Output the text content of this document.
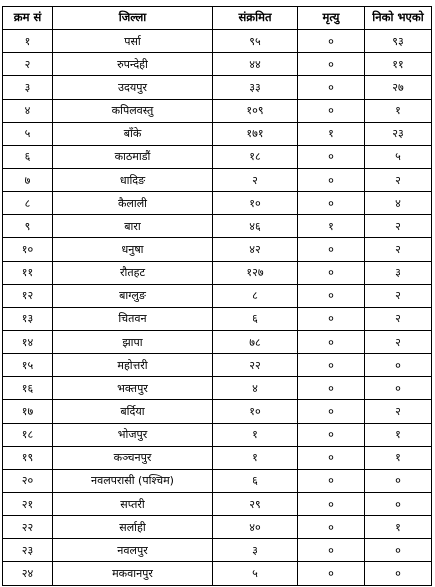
क्रम सं	जिल्ला	संक्रमित	मृत्यु	निको भएको
१	पर्सा	९५	०	९३
२	रुपन्देही	४४	०	११
३	उदयपुर	३३	०	२७
४	कपिलवस्तु	१०९	०	१
५	बाँके	१७१	१	२३
६	काठमाडौं	१८	०	५
७	धादिङ	२	०	२
८	कैलाली	१०	०	४
९	बारा	४६	१	२
१०	धनुषा	४२	०	२
११	रौतहट	१२७	०	३
१२	बाग्लुङ	८	०	२
१३	चितवन	६	०	२
१४	झापा	७८	०	२
१५	महोत्तरी	२२	०	०
१६	भक्तपुर	४	०	०
१७	बर्दिया	१०	०	२
१८	भोजपुर	१	०	१
१९	कञ्चनपुर	१	०	१
२०	नवलपरासी (पश्चिम)	६	०	०
२१	सप्तरी	२९	०	०
२२	सर्लाही	४०	०	१
२३	नवलपुर	३	०	०
२४	मकवानपुर	५	०	०
